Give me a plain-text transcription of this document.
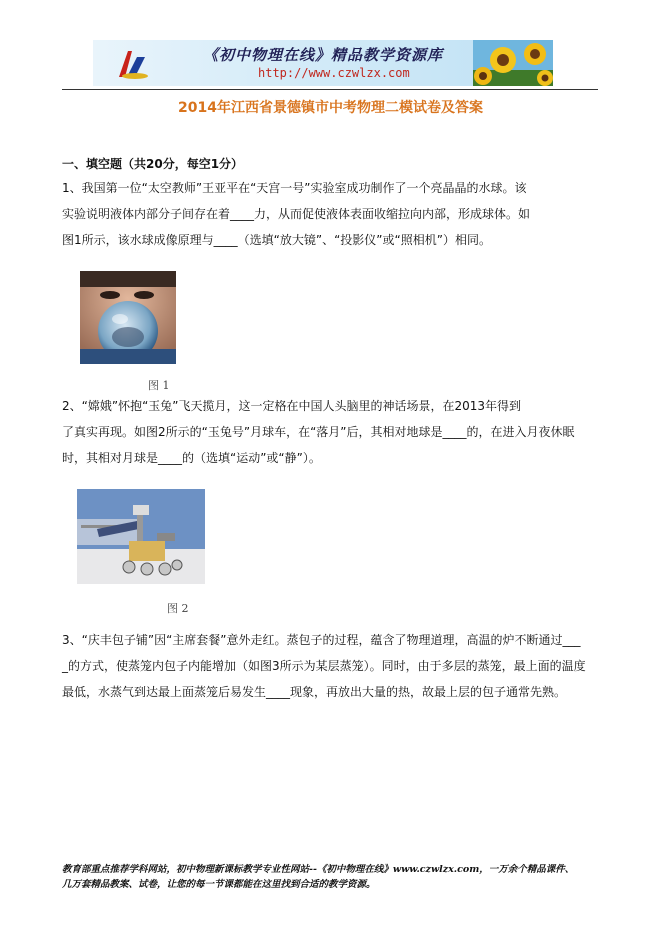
《初中物理在线》精品教学资源库
http://www.czwlzx.com
2014年江西省景德镇市中考物理二模试卷及答案
一、填空题（共20分，每空1分）
1、我国第一位“太空教师”王亚平在“天宫一号”实验室成功制作了一个亮晶晶的水球。该
实验说明液体内部分子间存在着____力，从而促使液体表面收缩拉向内部，形成球体。如
图1所示，该水球成像原理与____（选填“放大镜”、“投影仪”或“照相机”）相同。
图 1
2、“嫦娥”怀抱“玉兔”飞天揽月，这一定格在中国人头脑里的神话场景，在2013年得到
了真实再现。如图2所示的“玉兔号”月球车，在“落月”后，其相对地球是____的，在进入月夜休眠
时，其相对月球是____的（选填“运动”或“静”）。
图 2
3、“庆丰包子铺”因“主席套餐”意外走红。蒸包子的过程，蕴含了物理道理，高温的炉不断通过___
_的方式，使蒸笼内包子内能增加（如图3所示为某层蒸笼）。同时，由于多层的蒸笼，最上面的温度
最低，水蒸气到达最上面蒸笼后易发生____现象，再放出大量的热，故最上层的包子通常先熟。
教育部重点推荐学科网站，初中物理新课标教学专业性网站--《初中物理在线》www.czwlzx.com，一万余个精品课件、
几万套精品教案、试卷，让您的每一节课都能在这里找到合适的教学资源。
